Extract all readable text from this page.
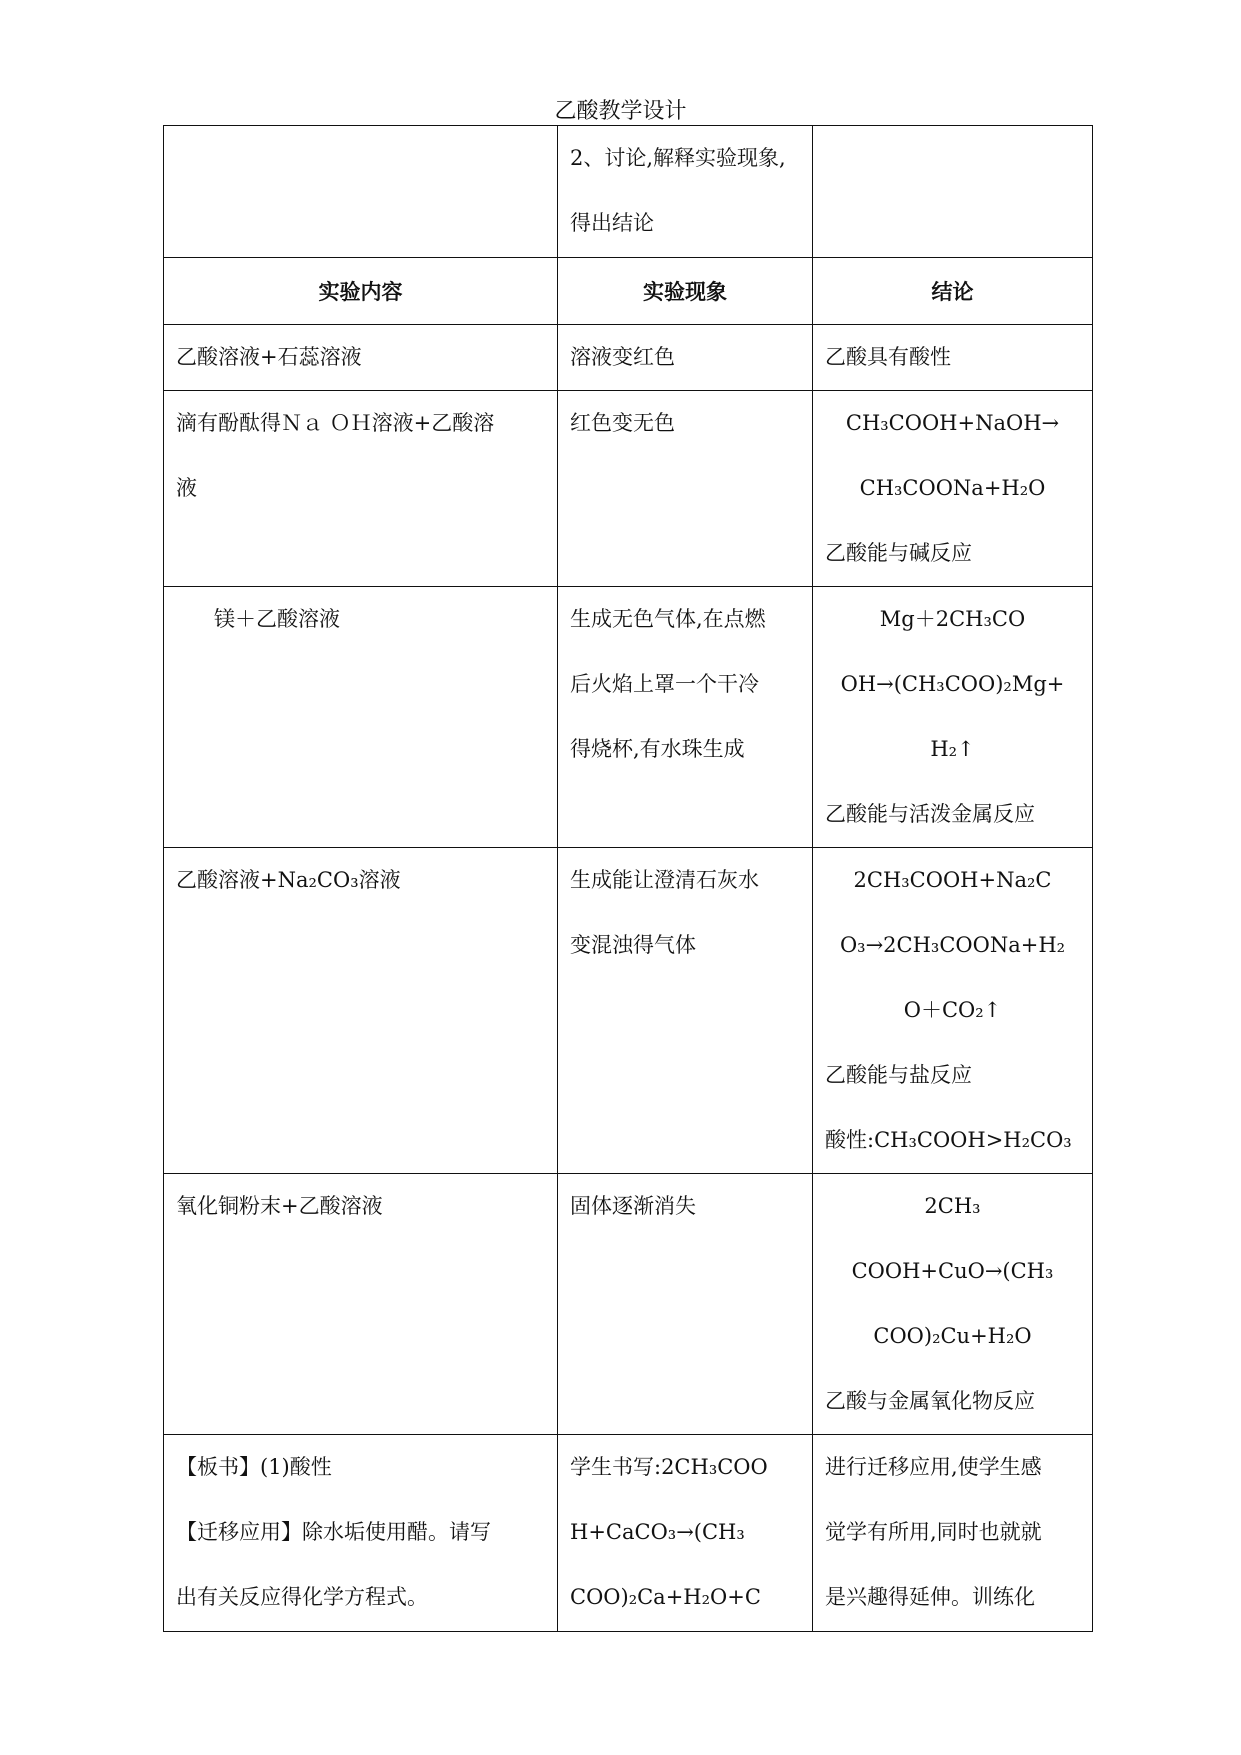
乙酸教学设计

	2、讨论,解释实验现象,
得出结论	

实验内容	实验现象	结论

乙酸溶液+石蕊溶液	溶液变红色	乙酸具有酸性

滴有酚酞得Ｎａ ＯＨ溶液+乙酸溶
液	红色变无色	CH₃COOH+NaOH→
CH₃COONa+H₂O
乙酸能与碱反应

镁＋乙酸溶液	生成无色气体,在点燃
后火焰上罩一个干冷
得烧杯,有水珠生成	Mg＋2CH₃CO
OH→(CH₃COO)₂Mg+
H₂↑
乙酸能与活泼金属反应

乙酸溶液+Na₂CO₃溶液	生成能让澄清石灰水
变混浊得气体	2CH₃COOH+Na₂C
O₃→2CH₃COONa+H₂
O＋CO₂↑
乙酸能与盐反应
酸性:CH₃COOH>H₂CO₃

氧化铜粉末+乙酸溶液	固体逐渐消失	2CH₃
COOH+CuO→(CH₃
COO)₂Cu+H₂O
乙酸与金属氧化物反应

【板书】(1)酸性
【迁移应用】除水垢使用醋。请写
出有关反应得化学方程式。	学生书写:2CH₃COO
H+CaCO₃→(CH₃
COO)₂Ca+H₂O+C	进行迁移应用,使学生感
觉学有所用,同时也就就
是兴趣得延伸。训练化
